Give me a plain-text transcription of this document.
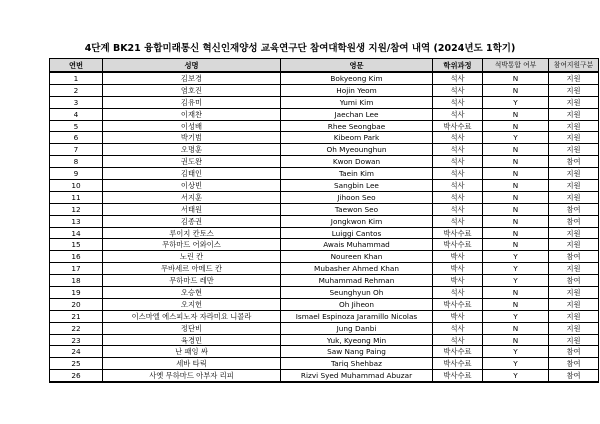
4단계 BK21 융합미래통신 혁신인재양성 교육연구단 참여대학원생 지원/참여 내역 (2024년도 1학기)
연번	성명	영문	학위과정	석박통합 여부	참여지원구분
1	김보경	Bokyeong Kim	석사	N	지원
2	염호진	Hojin Yeom	석사	N	지원
3	김유미	Yumi Kim	석사	Y	지원
4	이재찬	Jaechan Lee	석사	N	지원
5	이성배	Rhee Seongbae	박사수료	N	지원
6	박기범	Kibeom Park	석사	Y	지원
7	오명훈	Oh Myeounghun	석사	N	지원
8	권도완	Kwon Dowan	석사	N	참여
9	김태인	Taein Kim	석사	N	지원
10	이상빈	Sangbin Lee	석사	N	지원
11	서지훈	Jihoon Seo	석사	N	지원
12	서태원	Taewon Seo	석사	N	참여
13	김종권	Jongkwon Kim	석사	N	참여
14	루이지 칸토스	Luiggi Cantos	박사수료	N	지원
15	무하마드 어와이스	Awais Muhammad	박사수료	N	지원
16	노린 칸	Noureen Khan	박사	Y	참여
17	무바세르 아메드 칸	Mubasher Ahmed Khan	박사	Y	지원
18	무하마드 레만	Muhammad Rehman	박사	Y	참여
19	오승현	Seunghyun Oh	석사	N	지원
20	오지헌	Oh Jiheon	박사수료	N	지원
21	이스마엘 에스피노자 자라미요 니콜라	Ismael Espinoza Jaramillo Nicolas	박사	Y	지원
22	정단비	Jung Danbi	석사	N	지원
23	육경민	Yuk, Kyeong Min	석사	N	지원
24	난 패잉 싸	Saw Nang Paing	박사수료	Y	참여
25	세바 타릭	Tariq Shehbaz	박사수료	Y	참여
26	사옛 무하마드 아부자 리피	Rizvi Syed Muhammad Abuzar	박사수료	Y	참여
